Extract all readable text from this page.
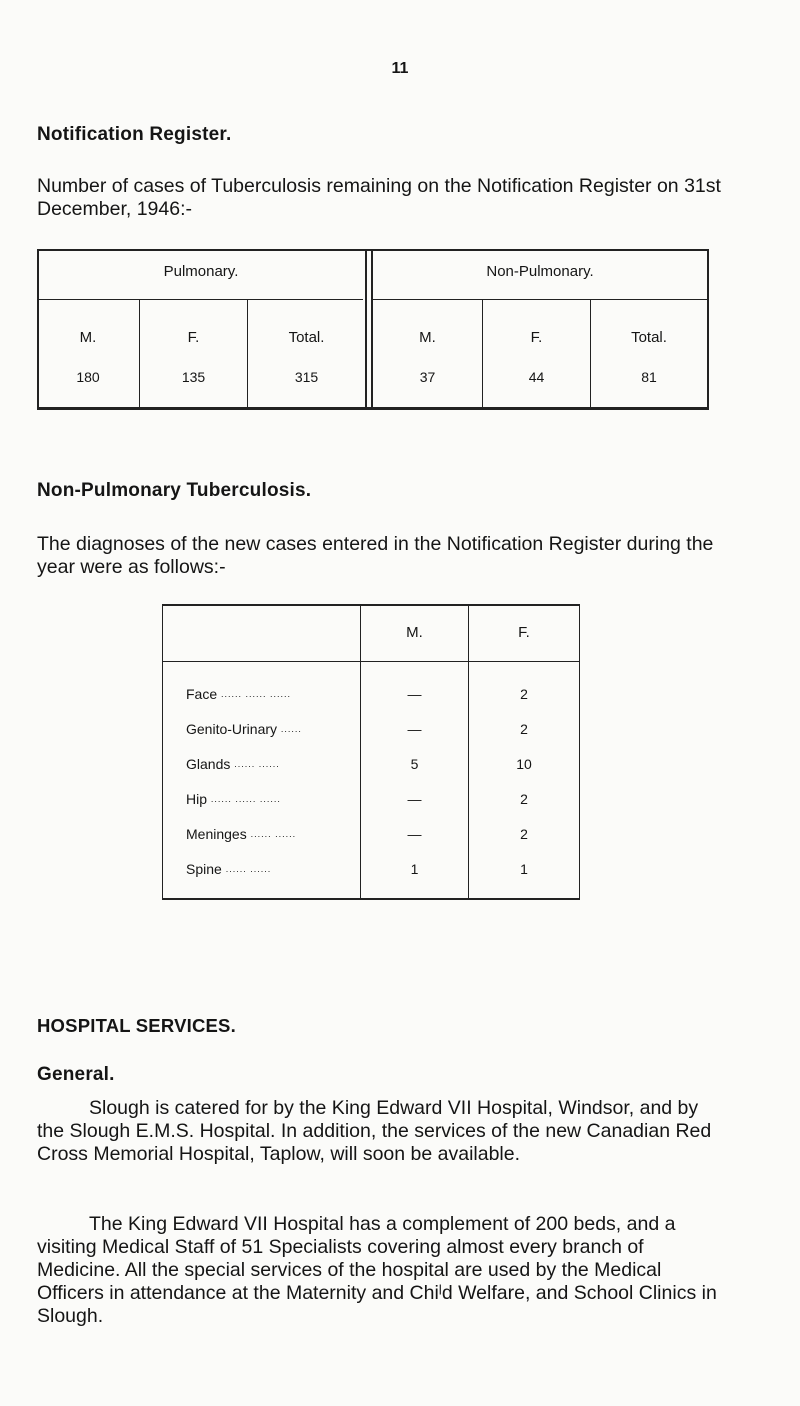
11
Notification Register.
Number of cases of Tuberculosis remaining on the Notification Register on 31st December, 1946:-
Pulmonary.	Non-Pulmonary.
M.	F.	Total.	M.	F.	Total.
180	135	315	37	44	81
Non-Pulmonary Tuberculosis.
The diagnoses of the new cases entered in the Notification Register during the year were as follows:-
M.	F.
Face ...... ...... ......	—	2
Genito-Urinary ......	—	2
Glands ...... ......	5	10
Hip ...... ...... ......	—	2
Meninges ...... ......	—	2
Spine ...... ......	1	1
HOSPITAL SERVICES.
General.
Slough is catered for by the King Edward VII Hospital, Windsor, and by the Slough E.M.S. Hospital. In addition, the services of the new Canadian Red Cross Memorial Hospital, Taplow, will soon be available.
The King Edward VII Hospital has a complement of 200 beds, and a visiting Medical Staff of 51 Specialists covering almost every branch of Medicine. All the special services of the hospital are used by the Medical Officers in attendance at the Maternity and Chiˡd Welfare, and School Clinics in Slough.
